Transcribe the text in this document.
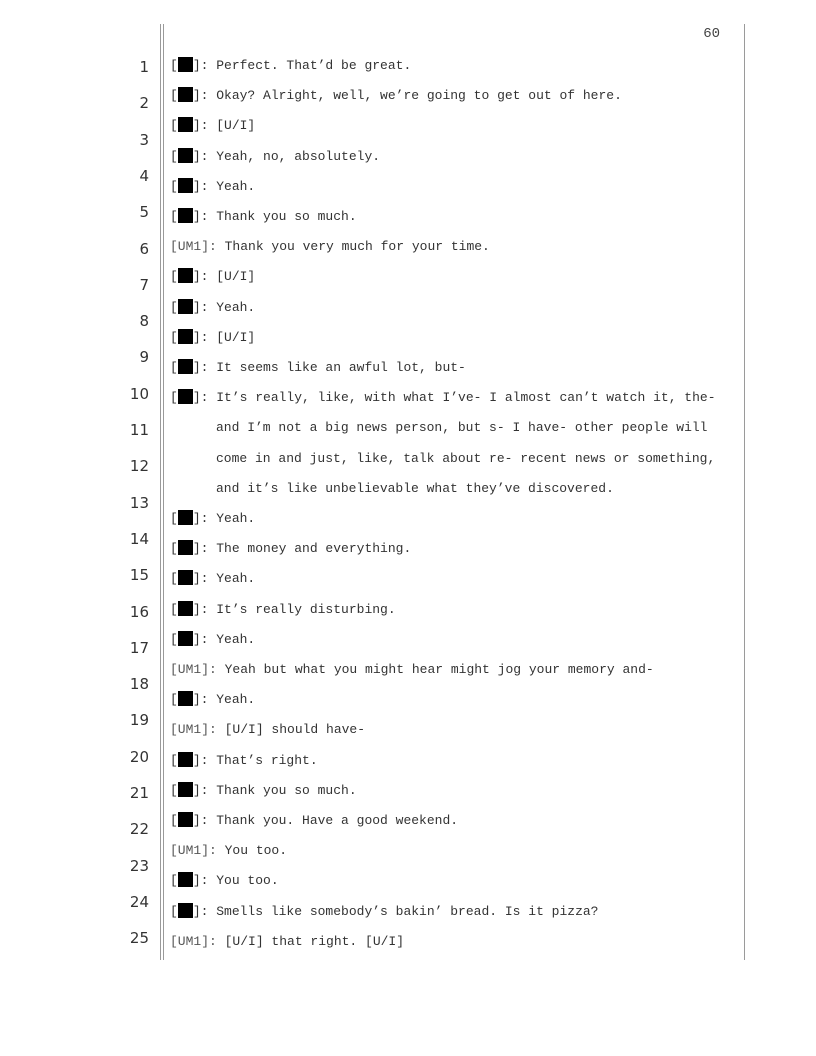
60
1
2
3
4
5
6
7
8
9
10
11
12
13
14
15
16
17
18
19
20
21
22
23
24
25
[ ]: Perfect. That’d be great.
[ ]: Okay? Alright, well, we’re going to get out of here.
[ ]: [U/I]
[ ]: Yeah, no, absolutely.
[ ]: Yeah.
[ ]: Thank you so much.
[UM1]: Thank you very much for your time.
[ ]: [U/I]
[ ]: Yeah.
[ ]: [U/I]
[ ]: It seems like an awful lot, but-
[ ]: It’s really, like, with what I’ve- I almost can’t watch it, the-
and I’m not a big news person, but s- I have- other people will
come in and just, like, talk about re- recent news or something,
and it’s like unbelievable what they’ve discovered.
[ ]: Yeah.
[ ]: The money and everything.
[ ]: Yeah.
[ ]: It’s really disturbing.
[ ]: Yeah.
[UM1]: Yeah but what you might hear might jog your memory and-
[ ]: Yeah.
[UM1]: [U/I] should have-
[ ]: That’s right.
[ ]: Thank you so much.
[ ]: Thank you. Have a good weekend.
[UM1]: You too.
[ ]: You too.
[ ]: Smells like somebody’s bakin’ bread. Is it pizza?
[UM1]: [U/I] that right. [U/I]
